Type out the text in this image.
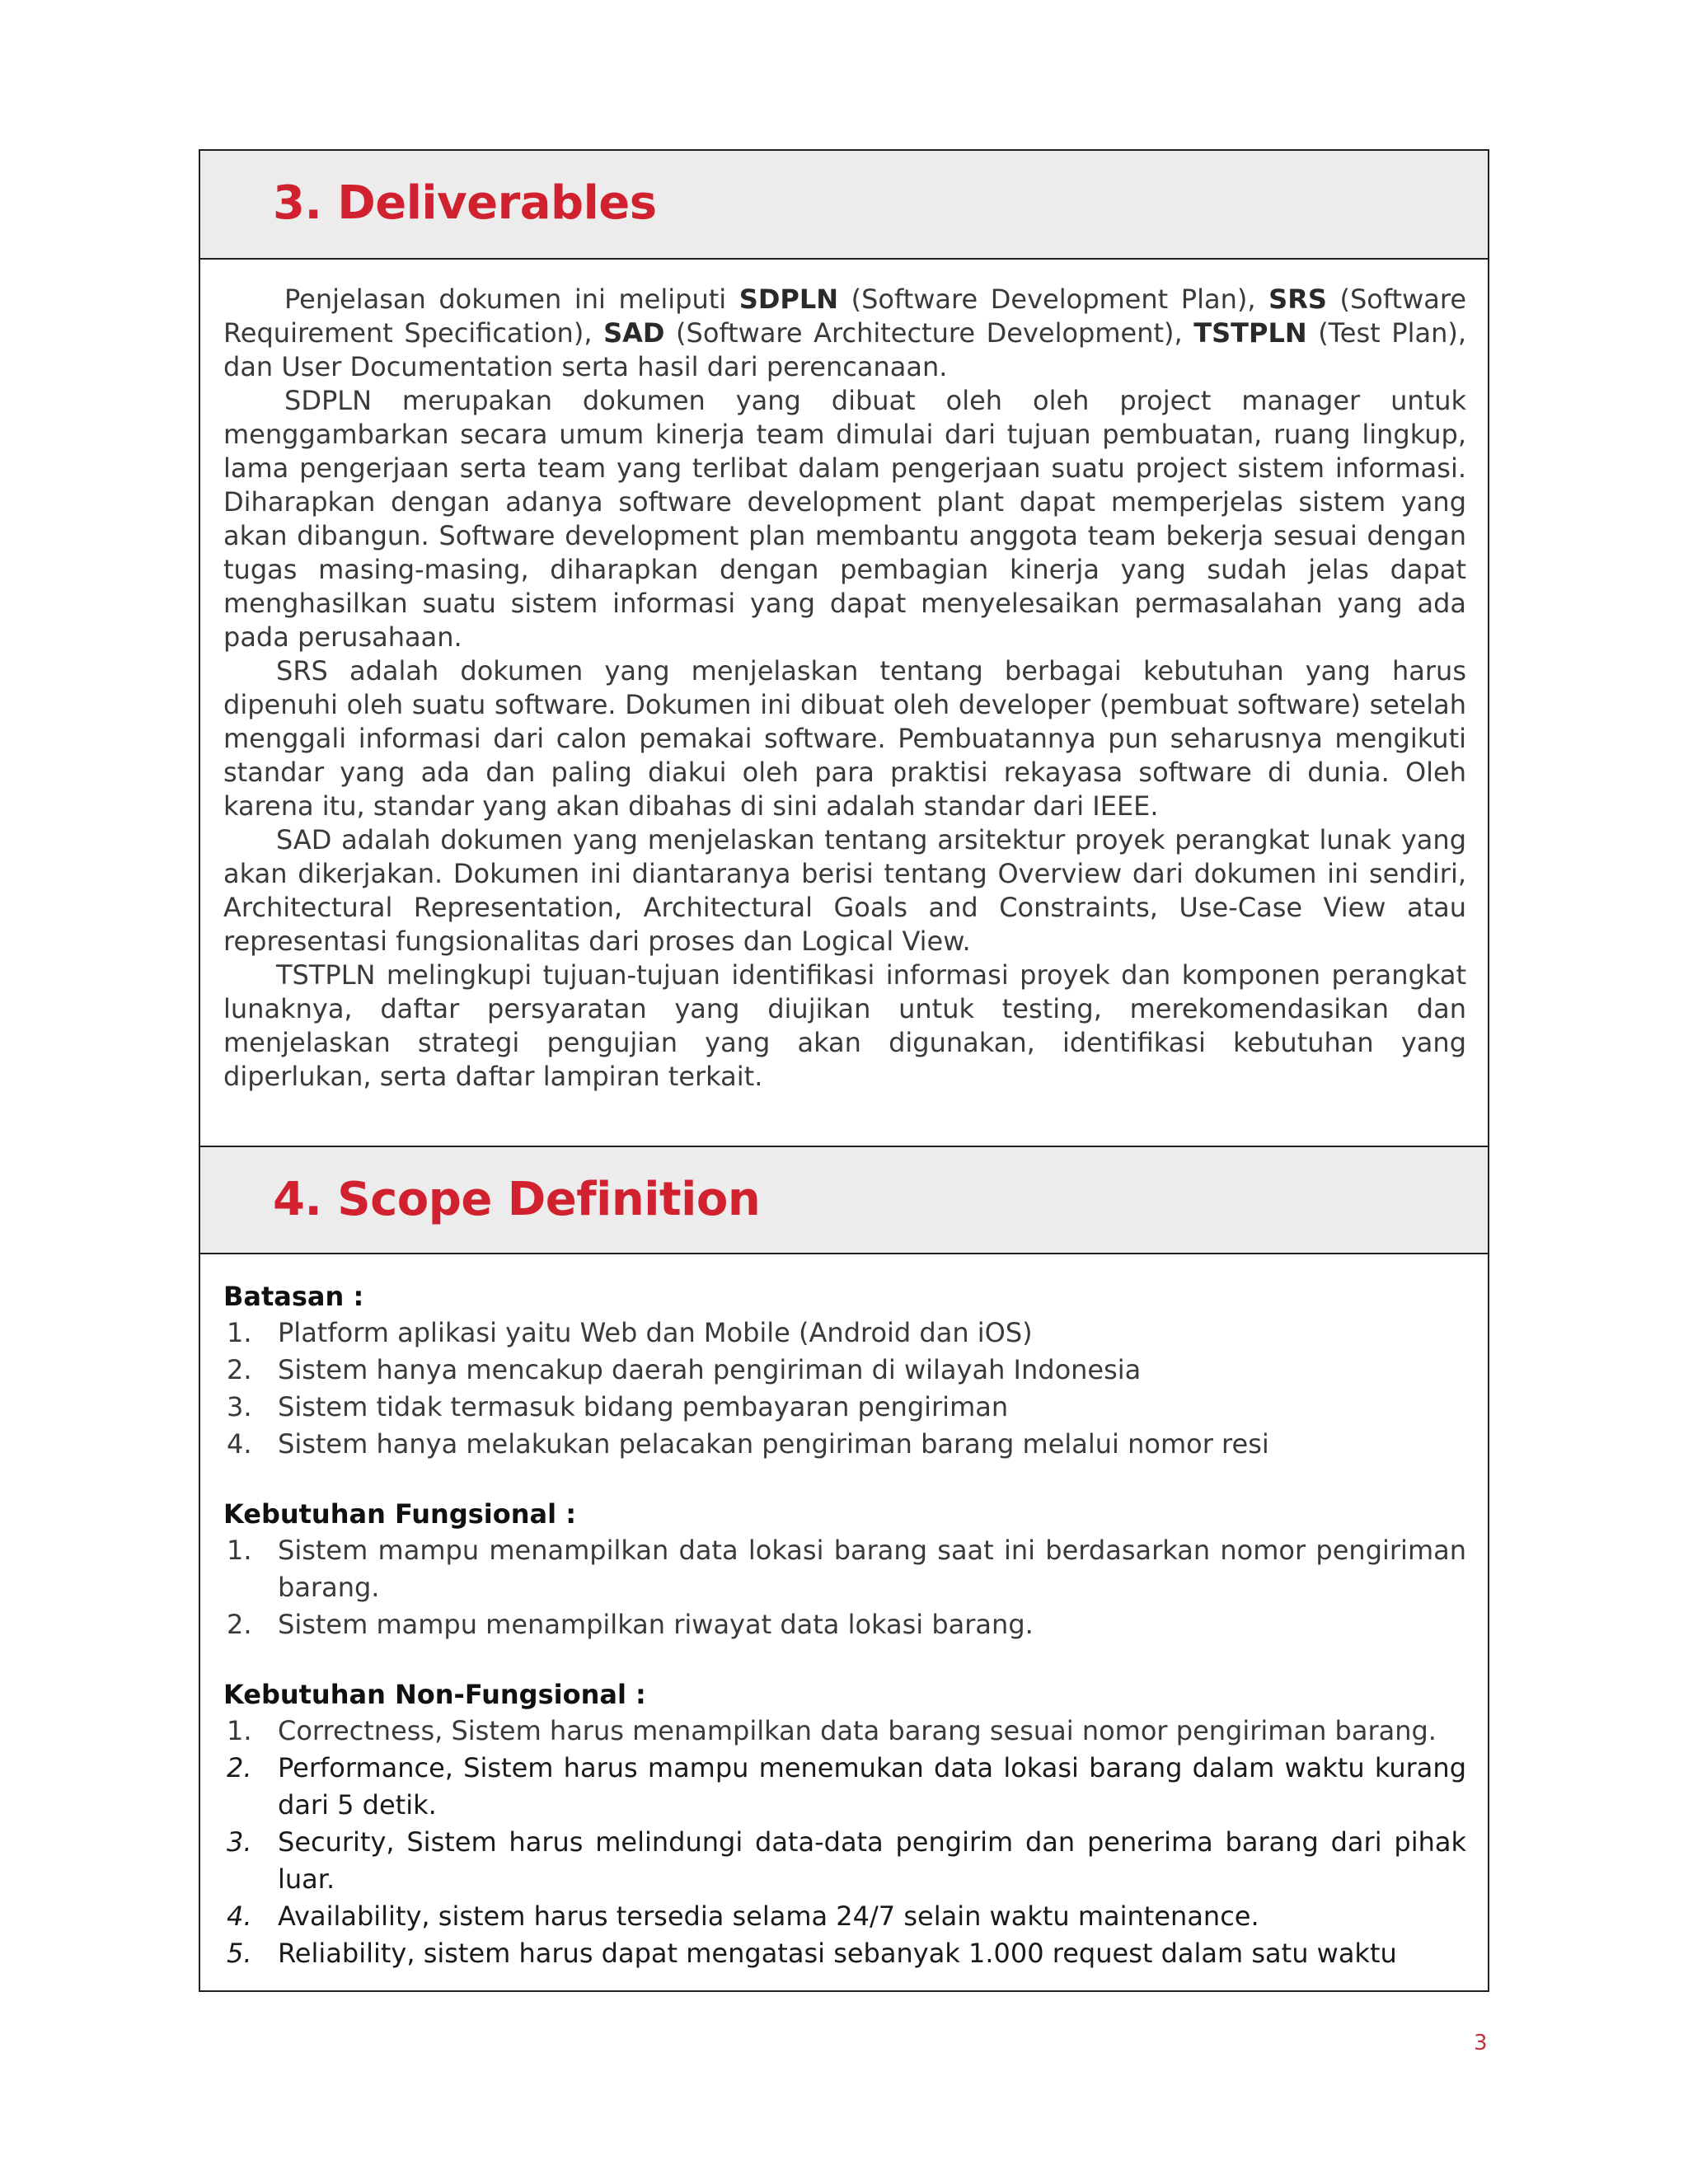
3. Deliverables

Penjelasan dokumen ini meliputi SDPLN (Software Development Plan), SRS (Software Requirement Specification), SAD (Software Architecture Development), TSTPLN (Test Plan), dan User Documentation serta hasil dari perencanaan.

SDPLN merupakan dokumen yang dibuat oleh oleh project manager untuk menggambarkan secara umum kinerja team dimulai dari tujuan pembuatan, ruang lingkup, lama pengerjaan serta team yang terlibat dalam pengerjaan suatu project sistem informasi. Diharapkan dengan adanya software development plant dapat memperjelas sistem yang akan dibangun. Software development plan membantu anggota team bekerja sesuai dengan tugas masing-masing, diharapkan dengan pembagian kinerja yang sudah jelas dapat menghasilkan suatu sistem informasi yang dapat menyelesaikan permasalahan yang ada pada perusahaan.

SRS adalah dokumen yang menjelaskan tentang berbagai kebutuhan yang harus dipenuhi oleh suatu software. Dokumen ini dibuat oleh developer (pembuat software) setelah menggali informasi dari calon pemakai software. Pembuatannya pun seharusnya mengikuti standar yang ada dan paling diakui oleh para praktisi rekayasa software di dunia. Oleh karena itu, standar yang akan dibahas di sini adalah standar dari IEEE.

SAD adalah dokumen yang menjelaskan tentang arsitektur proyek perangkat lunak yang akan dikerjakan. Dokumen ini diantaranya berisi tentang Overview dari dokumen ini sendiri, Architectural Representation, Architectural Goals and Constraints, Use-Case View atau representasi fungsionalitas dari proses dan Logical View.

TSTPLN melingkupi tujuan-tujuan identifikasi informasi proyek dan komponen perangkat lunaknya, daftar persyaratan yang diujikan untuk testing, merekomendasikan dan menjelaskan strategi pengujian yang akan digunakan, identifikasi kebutuhan yang diperlukan, serta daftar lampiran terkait.

4. Scope Definition

Batasan :

1. Platform aplikasi yaitu Web dan Mobile (Android dan iOS)
2. Sistem hanya mencakup daerah pengiriman di wilayah Indonesia
3. Sistem tidak termasuk bidang pembayaran pengiriman
4. Sistem hanya melakukan pelacakan pengiriman barang melalui nomor resi

Kebutuhan Fungsional :

1. Sistem mampu menampilkan data lokasi barang saat ini berdasarkan nomor pengiriman barang.
2. Sistem mampu menampilkan riwayat data lokasi barang.

Kebutuhan Non-Fungsional :

1. Correctness, Sistem harus menampilkan data barang sesuai nomor pengiriman barang.
2. Performance, Sistem harus mampu menemukan data lokasi barang dalam waktu kurang dari 5 detik.
3. Security, Sistem harus melindungi data-data pengirim dan penerima barang dari pihak luar.
4. Availability, sistem harus tersedia selama 24/7 selain waktu maintenance.
5. Reliability, sistem harus dapat mengatasi sebanyak 1.000 request dalam satu waktu
3
